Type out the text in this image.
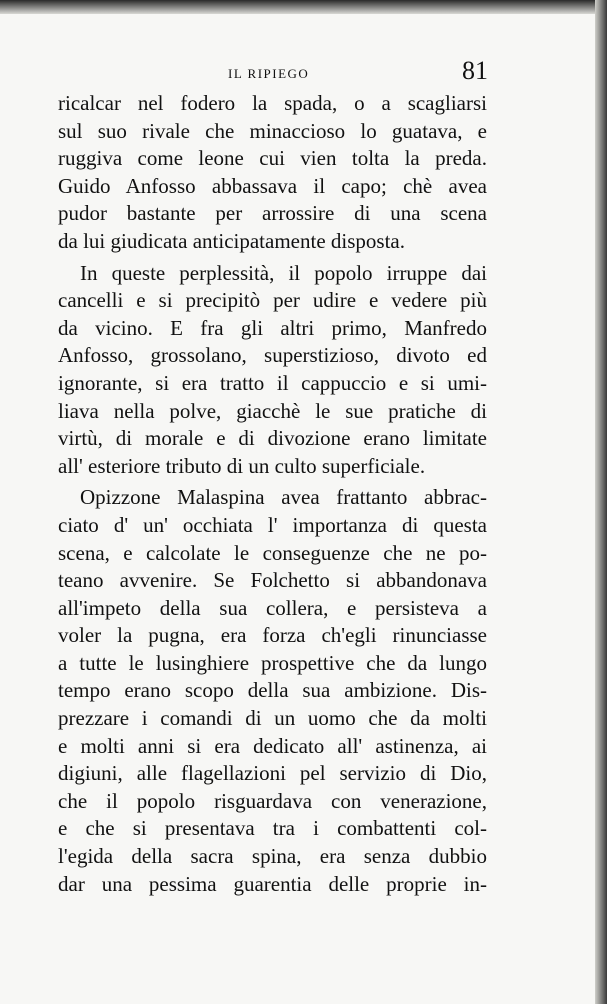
IL RIPIEGO	81
ricalcar nel fodero la spada, o a scagliarsi
sul suo rivale che minaccioso lo guatava, e
ruggiva come leone cui vien tolta la preda.
Guido Anfosso abbassava il capo; chè avea
pudor bastante per arrossire di una scena
da lui giudicata anticipatamente disposta.
In queste perplessità, il popolo irruppe dai
cancelli e si precipitò per udire e vedere più
da vicino. E fra gli altri primo, Manfredo
Anfosso, grossolano, superstizioso, divoto ed
ignorante, si era tratto il cappuccio e si umi-
liava nella polve, giacchè le sue pratiche di
virtù, di morale e di divozione erano limitate
all' esteriore tributo di un culto superficiale.
Opizzone Malaspina avea frattanto abbrac-
ciato d' un' occhiata l' importanza di questa
scena, e calcolate le conseguenze che ne po-
teano avvenire. Se Folchetto si abbandonava
all'impeto della sua collera, e persisteva a
voler la pugna, era forza ch'egli rinunciasse
a tutte le lusinghiere prospettive che da lungo
tempo erano scopo della sua ambizione. Dis-
prezzare i comandi di un uomo che da molti
e molti anni si era dedicato all' astinenza, ai
digiuni, alle flagellazioni pel servizio di Dio,
che il popolo risguardava con venerazione,
e che si presentava tra i combattenti col-
l'egida della sacra spina, era senza dubbio
dar una pessima guarentia delle proprie in-
